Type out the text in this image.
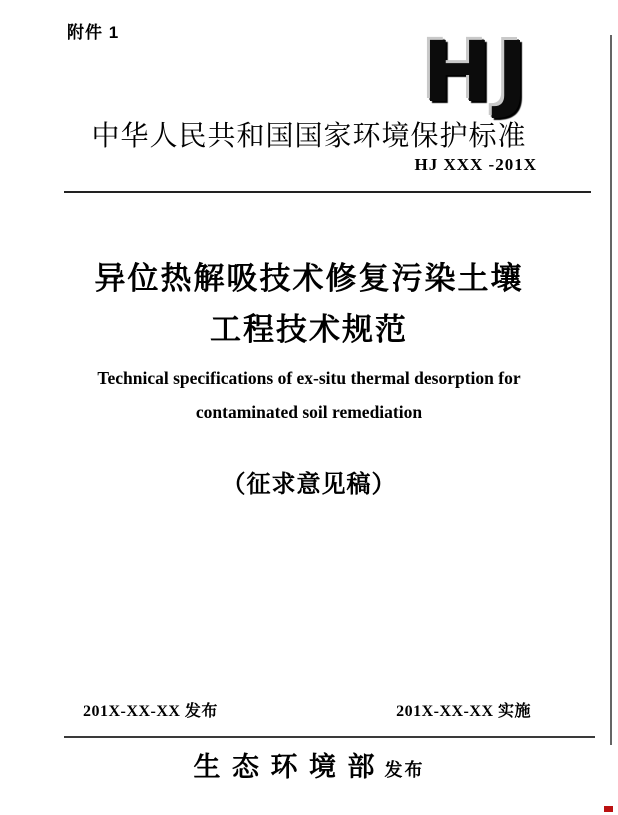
附件 1	HJ
中华人民共和国国家环境保护标准
HJ XXX -201X
异位热解吸技术修复污染土壤
工程技术规范
Technical specifications of ex-situ thermal desorption for
contaminated soil remediation
（征求意见稿）
201X-XX-XX 发布	201X-XX-XX 实施
生 态 环 境 部 发布
